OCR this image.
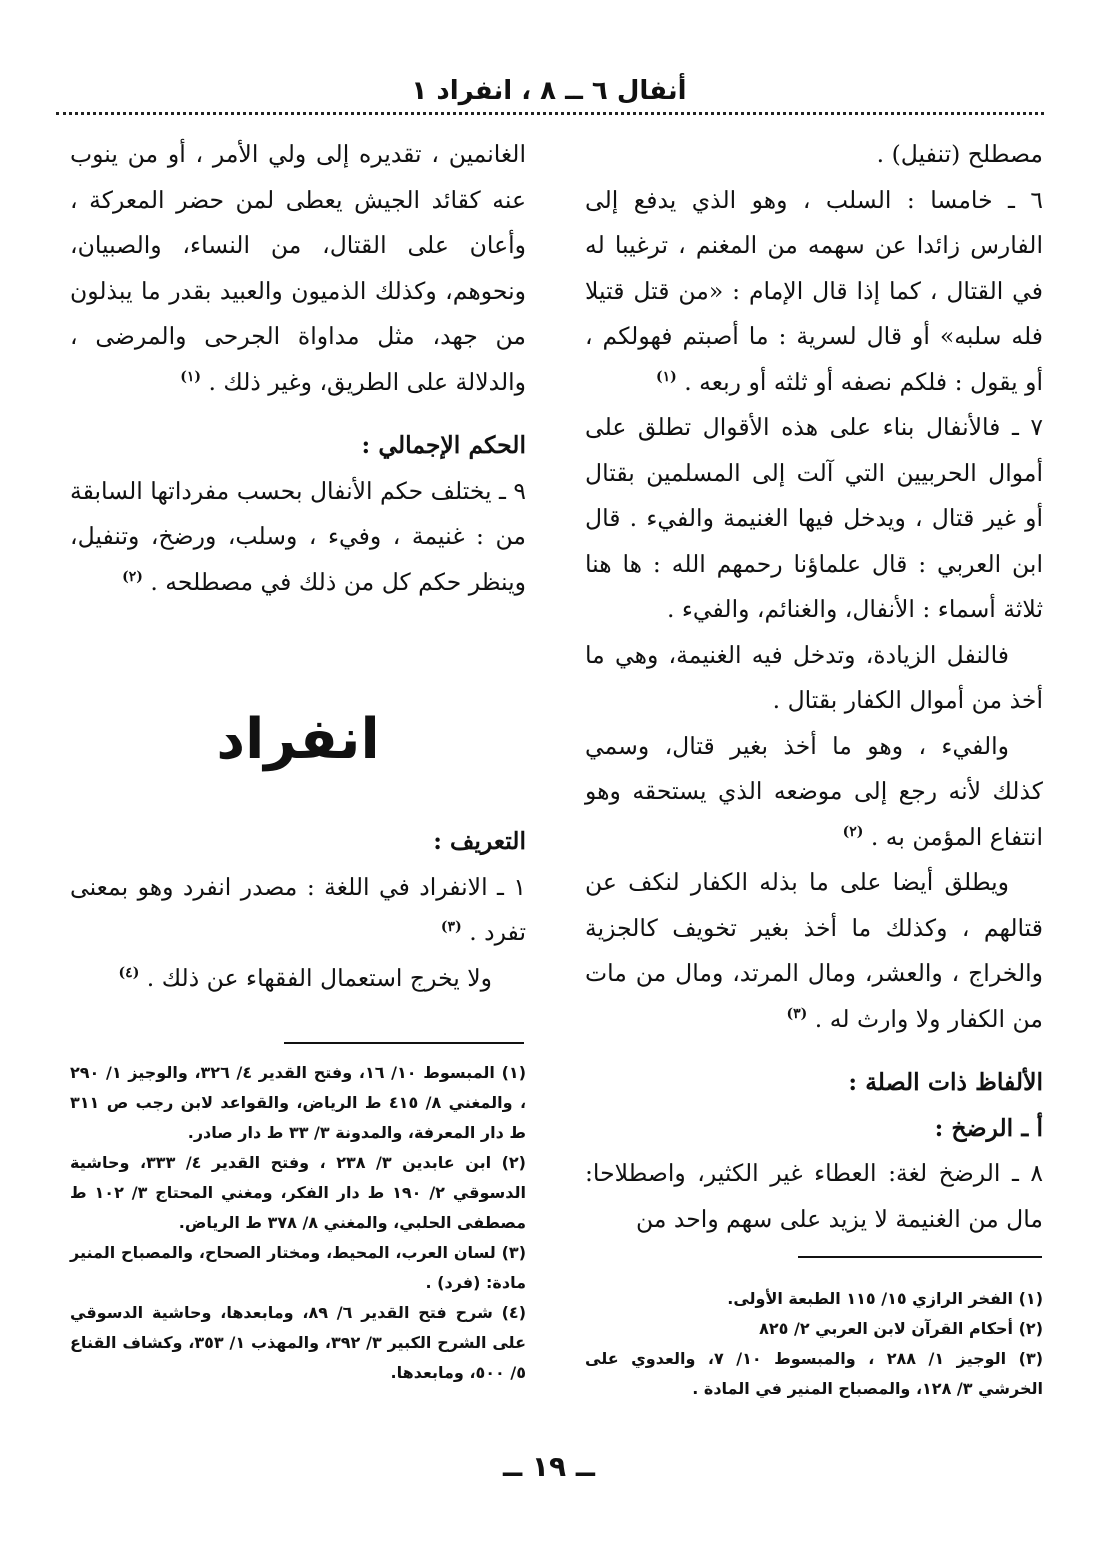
أنفال ٦ ــ ٨ ، انفراد ١

مصطلح (تنفيل) .

٦ ـ خامسا : السلب ، وهو الذي يدفع إلى الفارس زائدا عن سهمه من المغنم ، ترغيبا له في القتال ، كما إذا قال الإمام : «من قتل قتيلا فله سلبه» أو قال لسرية : ما أصبتم فهولكم ، أو يقول : فلكم نصفه أو ثلثه أو ربعه . $^{(١)}$

٧ ـ فالأنفال بناء على هذه الأقوال تطلق على أموال الحربيين التي آلت إلى المسلمين بقتال أو غير قتال ، ويدخل فيها الغنيمة والفيء . قال ابن العربي : قال علماؤنا رحمهم الله : ها هنا ثلاثة أسماء : الأنفال، والغنائم، والفيء .

فالنفل الزيادة، وتدخل فيه الغنيمة، وهي ما أخذ من أموال الكفار بقتال .

والفيء ، وهو ما أخذ بغير قتال، وسمي كذلك لأنه رجع إلى موضعه الذي يستحقه وهو انتفاع المؤمن به . $^{(٢)}$

ويطلق أيضا على ما بذله الكفار لنكف عن قتالهم ، وكذلك ما أخذ بغير تخويف كالجزية والخراج ، والعشر، ومال المرتد، ومال من مات من الكفار ولا وارث له . $^{(٣)}$

الألفاظ ذات الصلة :

أ ـ الرضخ :

٨ ـ الرضخ لغة: العطاء غير الكثير، واصطلاحا: مال من الغنيمة لا يزيد على سهم واحد من

الغانمين ، تقديره إلى ولي الأمر ، أو من ينوب عنه كقائد الجيش يعطى لمن حضر المعركة ، وأعان على القتال، من النساء، والصبيان، ونحوهم، وكذلك الذميون والعبيد بقدر ما يبذلون من جهد، مثل مداواة الجرحى والمرضى ، والدلالة على الطريق، وغير ذلك . $^{(١)}$

الحكم الإجمالي :

٩ ـ يختلف حكم الأنفال بحسب مفرداتها السابقة من : غنيمة ، وفيء ، وسلب، ورضخ، وتنفيل، وينظر حكم كل من ذلك في مصطلحه . $^{(٢)}$

انفراد

التعريف :

١ ـ الانفراد في اللغة : مصدر انفرد وهو بمعنى تفرد . $^{(٣)}$

ولا يخرج استعمال الفقهاء عن ذلك . $^{(٤)}$

(١) المبسوط ١٠/ ١٦، وفتح القدير ٤/ ٣٢٦، والوجيز ١/ ٢٩٠ ، والمغني ٨/ ٤١٥ ط الرياض، والقواعد لابن رجب ص ٣١١ ط دار المعرفة، والمدونة ٣/ ٣٣ ط دار صادر.

(٢) ابن عابدين ٣/ ٢٣٨ ، وفتح القدير ٤/ ٣٣٣، وحاشية الدسوقي ٢/ ١٩٠ ط دار الفكر، ومغني المحتاج ٣/ ١٠٢ ط مصطفى الحلبي، والمغني ٨/ ٣٧٨ ط الرياض.

(٣) لسان العرب، المحيط، ومختار الصحاح، والمصباح المنير مادة: (فرد) .

(٤) شرح فتح القدير ٦/ ٨٩، ومابعدها، وحاشية الدسوقي على الشرح الكبير ٣/ ٣٩٢، والمهذب ١/ ٣٥٣، وكشاف القناع ٥/ ٥٠٠، ومابعدها.

(١) الفخر الرازي ١٥/ ١١٥ الطبعة الأولى.

(٢) أحكام القرآن لابن العربي ٢/ ٨٢٥

(٣) الوجيز ١/ ٢٨٨ ، والمبسوط ١٠/ ٧، والعدوي على الخرشي ٣/ ١٢٨، والمصباح المنير في المادة .

ــ ١٩ ــ
